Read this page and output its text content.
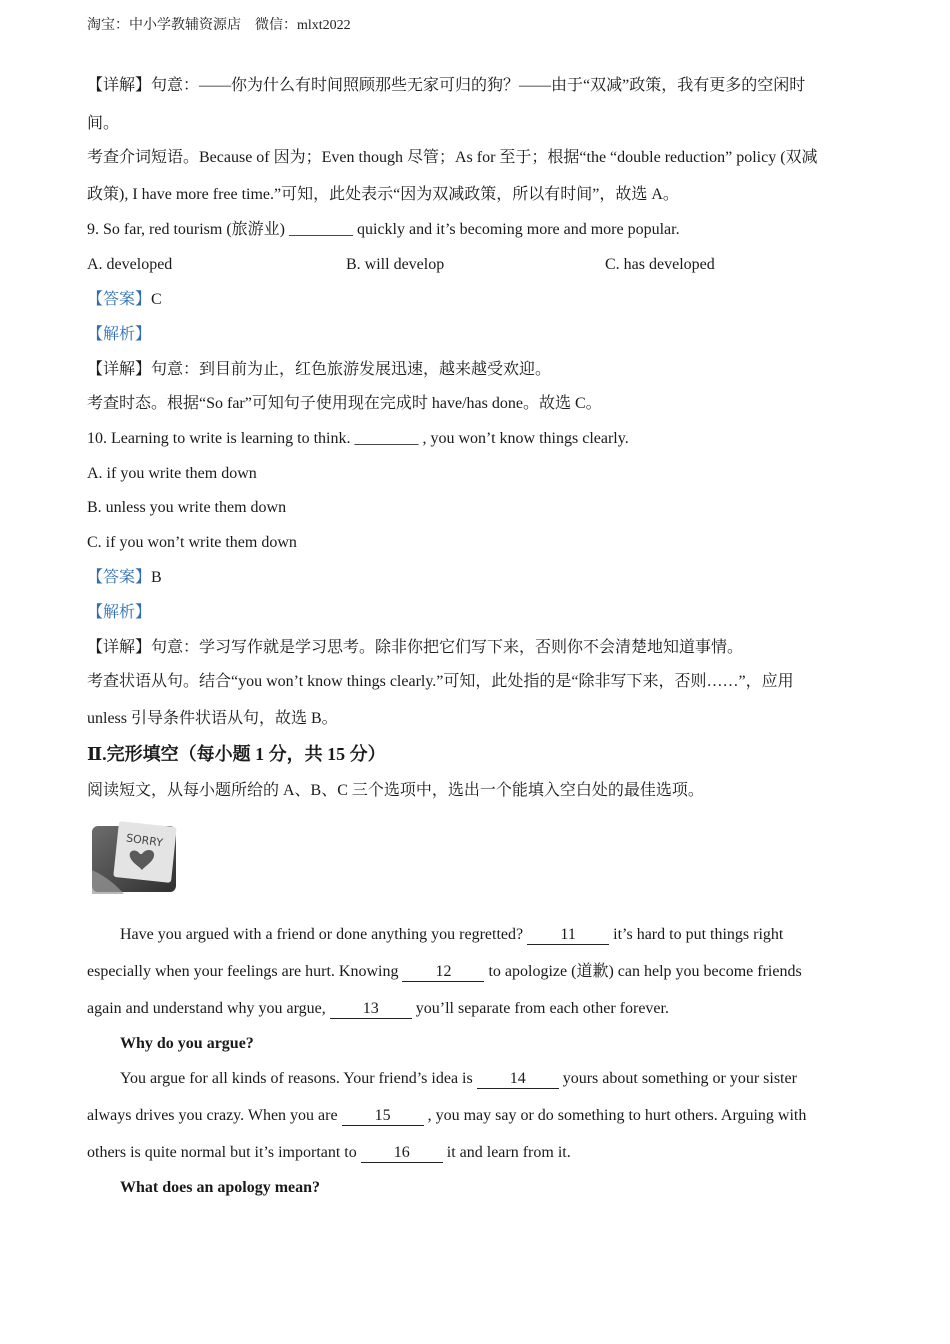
淘宝：中小学教辅资源店　微信：mlxt2022
【详解】句意：——你为什么有时间照顾那些无家可归的狗？——由于“双减”政策，我有更多的空闲时
间。
考查介词短语。Because of 因为；Even though 尽管；As for 至于；根据“the “double reduction” policy (双减
政策), I have more free time.”可知，此处表示“因为双减政策，所以有时间”，故选 A。
9. So far, red tourism (旅游业) ________ quickly and it’s becoming more and more popular.
A. developed	B. will develop	C. has developed
【答案】C
【解析】
【详解】句意：到目前为止，红色旅游发展迅速，越来越受欢迎。
考查时态。根据“So far”可知句子使用现在完成时 have/has done。故选 C。
10. Learning to write is learning to think. ________ , you won’t know things clearly.
A. if you write them down
B. unless you write them down
C. if you won’t write them down
【答案】B
【解析】
【详解】句意：学习写作就是学习思考。除非你把它们写下来，否则你不会清楚地知道事情。
考查状语从句。结合“you won’t know things clearly.”可知，此处指的是“除非写下来，否则……”，应用
unless 引导条件状语从句，故选 B。
Ⅱ.完形填空（每小题 1 分，共 15 分）
阅读短文，从每小题所给的 A、B、C 三个选项中，选出一个能填入空白处的最佳选项。
SORRY
Have you argued with a friend or done anything you regretted? 11 it’s hard to put things right
especially when your feelings are hurt. Knowing 12 to apologize (道歉) can help you become friends
again and understand why you argue, 13 you’ll separate from each other forever.
Why do you argue?
You argue for all kinds of reasons. Your friend’s idea is 14 yours about something or your sister
always drives you crazy. When you are 15 , you may say or do something to hurt others. Arguing with
others is quite normal but it’s important to 16 it and learn from it.
What does an apology mean?
